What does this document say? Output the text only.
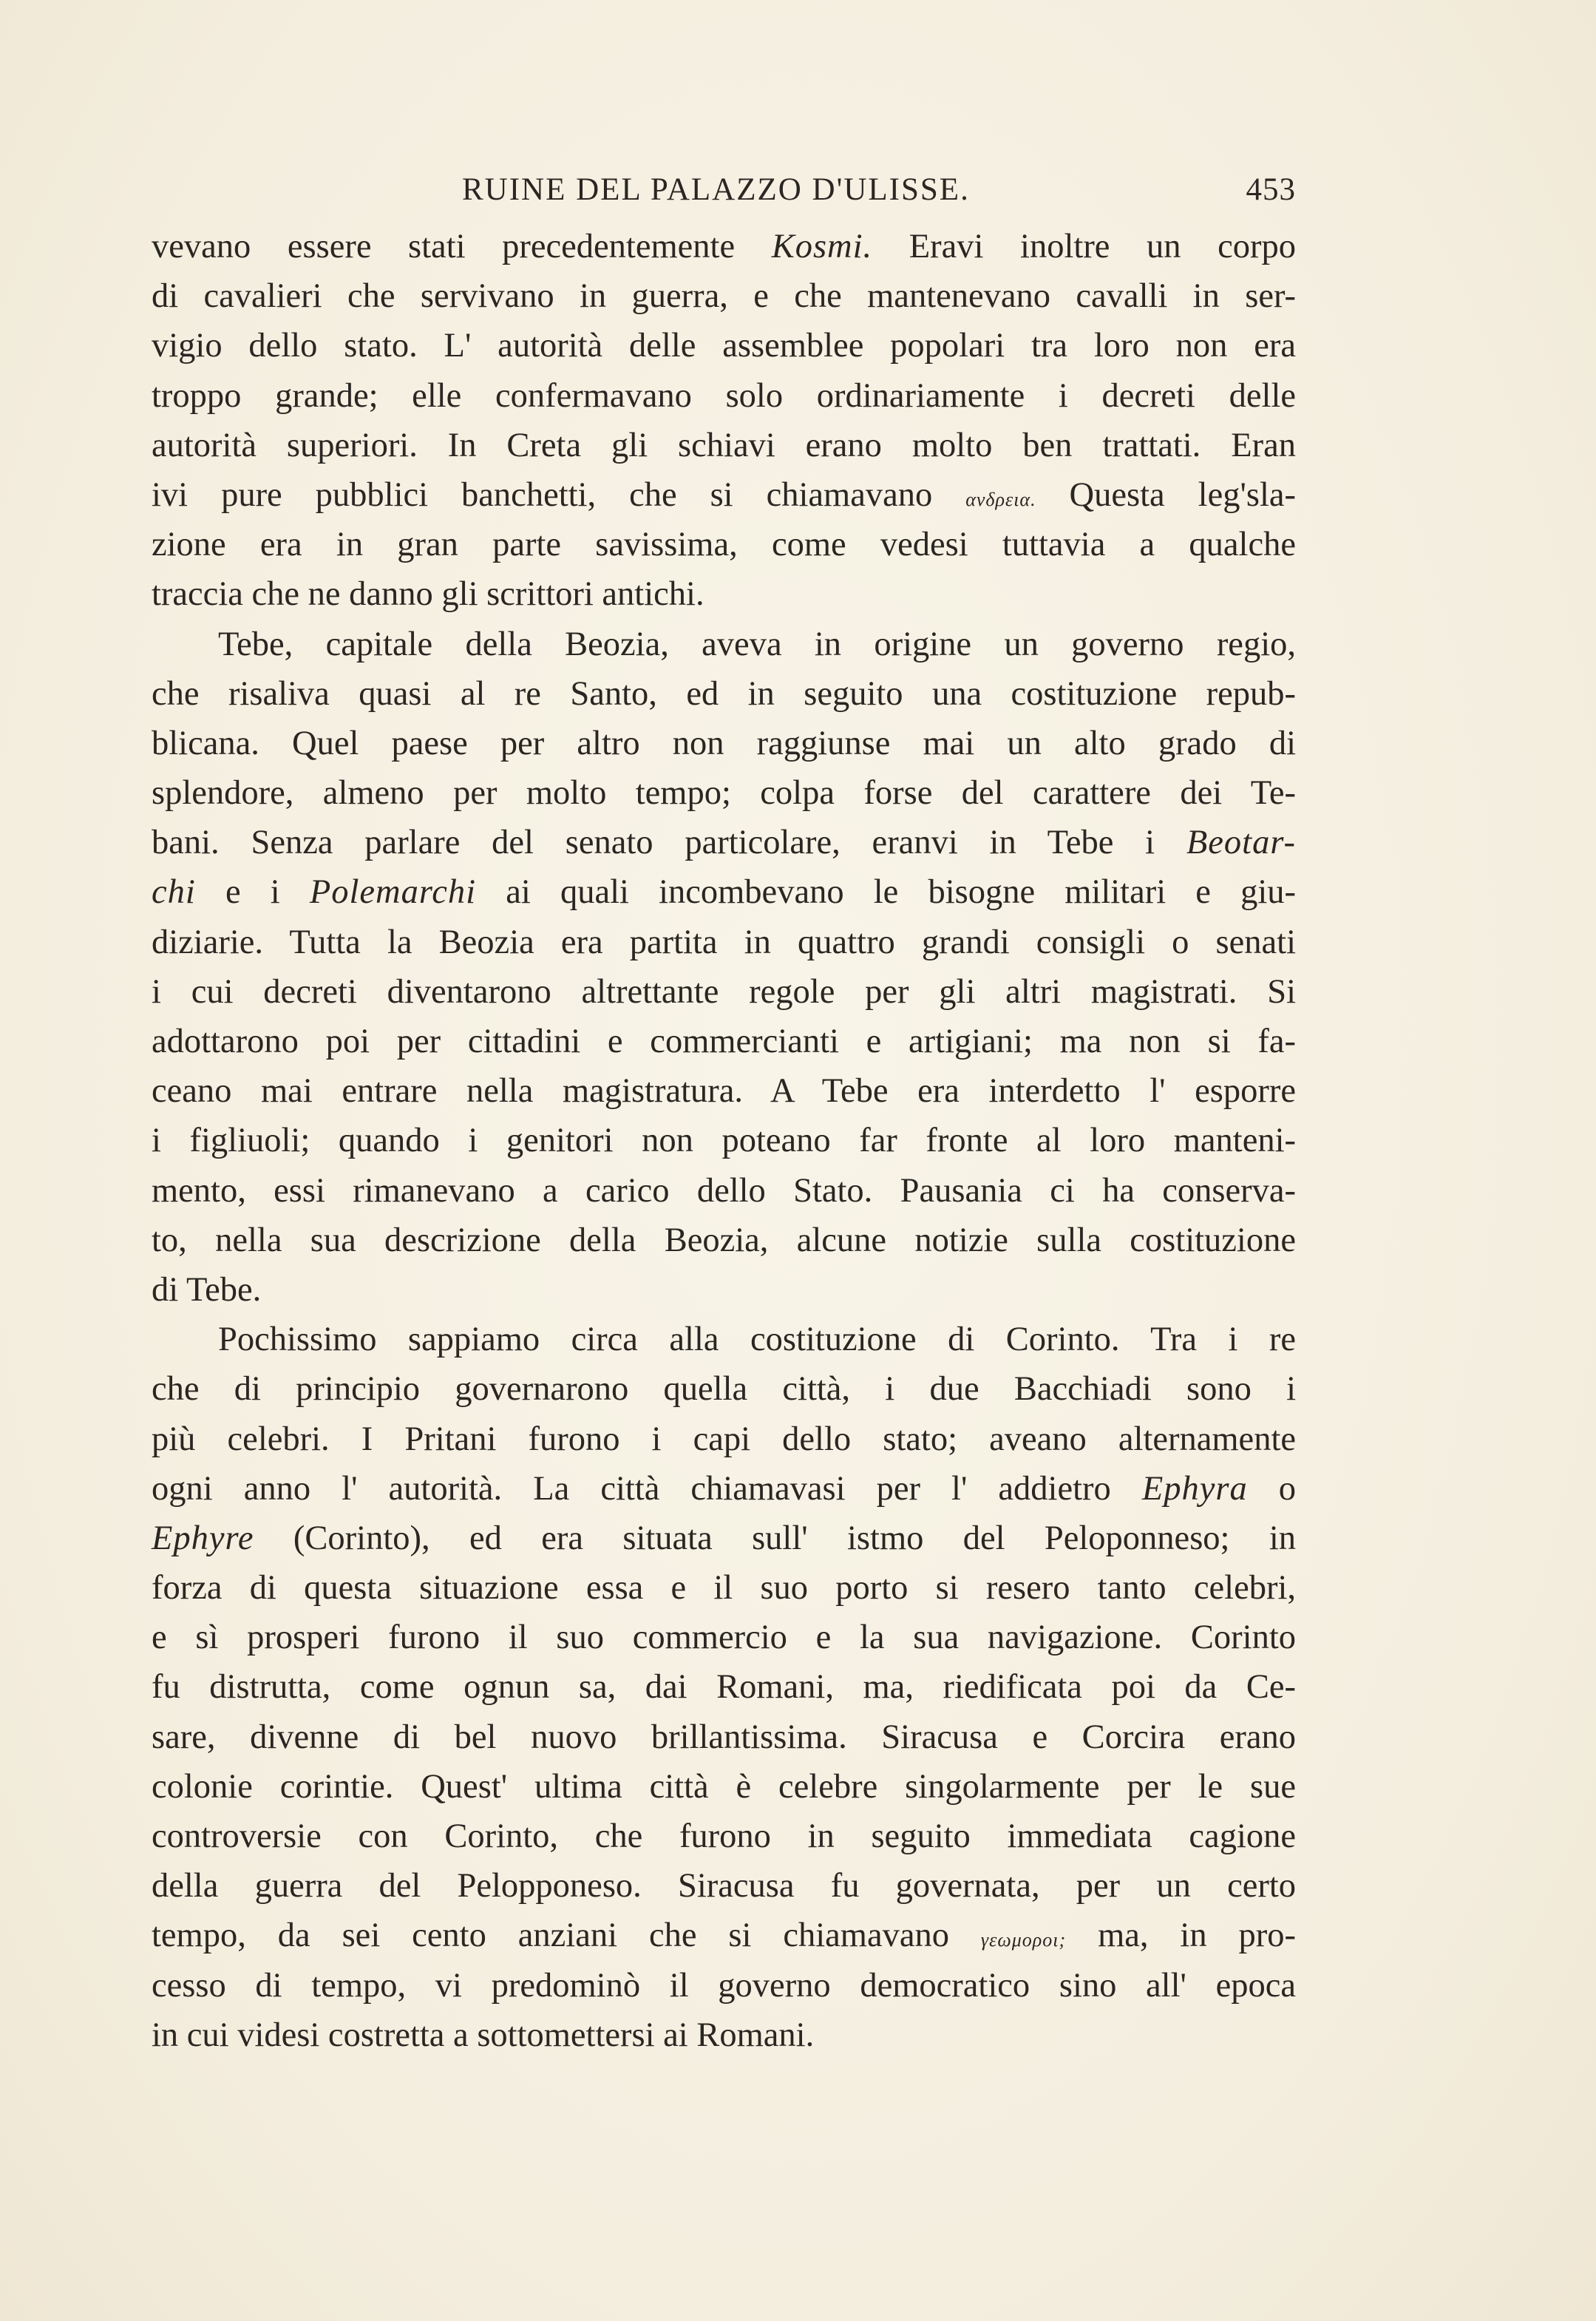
RUINE DEL PALAZZO D'ULISSE.	453
vevano essere stati precedentemente Kosmi. Eravi inoltre un corpo
di cavalieri che servivano in guerra, e che mantenevano cavalli in ser-
vigio dello stato. L' autorità delle assemblee popolari tra loro non era
troppo grande; elle confermavano solo ordinariamente i decreti delle
autorità superiori. In Creta gli schiavi erano molto ben trattati. Eran
ivi pure pubblici banchetti, che si chiamavano ανδρεια. Questa leg'sla-
zione era in gran parte savissima, come vedesi tuttavia a qualche
traccia che ne danno gli scrittori antichi.
Tebe, capitale della Beozia, aveva in origine un governo regio,
che risaliva quasi al re Santo, ed in seguito una costituzione repub-
blicana. Quel paese per altro non raggiunse mai un alto grado di
splendore, almeno per molto tempo; colpa forse del carattere dei Te-
bani. Senza parlare del senato particolare, eranvi in Tebe i Beotar-
chi e i Polemarchi ai quali incombevano le bisogne militari e giu-
diziarie. Tutta la Beozia era partita in quattro grandi consigli o senati
i cui decreti diventarono altrettante regole per gli altri magistrati. Si
adottarono poi per cittadini e commercianti e artigiani; ma non si fa-
ceano mai entrare nella magistratura. A Tebe era interdetto l' esporre
i figliuoli; quando i genitori non poteano far fronte al loro manteni-
mento, essi rimanevano a carico dello Stato. Pausania ci ha conserva-
to, nella sua descrizione della Beozia, alcune notizie sulla costituzione
di Tebe.
Pochissimo sappiamo circa alla costituzione di Corinto. Tra i re
che di principio governarono quella città, i due Bacchiadi sono i
più celebri. I Pritani furono i capi dello stato; aveano alternamente
ogni anno l' autorità. La città chiamavasi per l' addietro Ephyra o
Ephyre (Corinto), ed era situata sull' istmo del Peloponneso; in
forza di questa situazione essa e il suo porto si resero tanto celebri,
e sì prosperi furono il suo commercio e la sua navigazione. Corinto
fu distrutta, come ognun sa, dai Romani, ma, riedificata poi da Ce-
sare, divenne di bel nuovo brillantissima. Siracusa e Corcira erano
colonie corintie. Quest' ultima città è celebre singolarmente per le sue
controversie con Corinto, che furono in seguito immediata cagione
della guerra del Pelopponeso. Siracusa fu governata, per un certo
tempo, da sei cento anziani che si chiamavano γεωμοροι; ma, in pro-
cesso di tempo, vi predominò il governo democratico sino all' epoca
in cui videsi costretta a sottomettersi ai Romani.
